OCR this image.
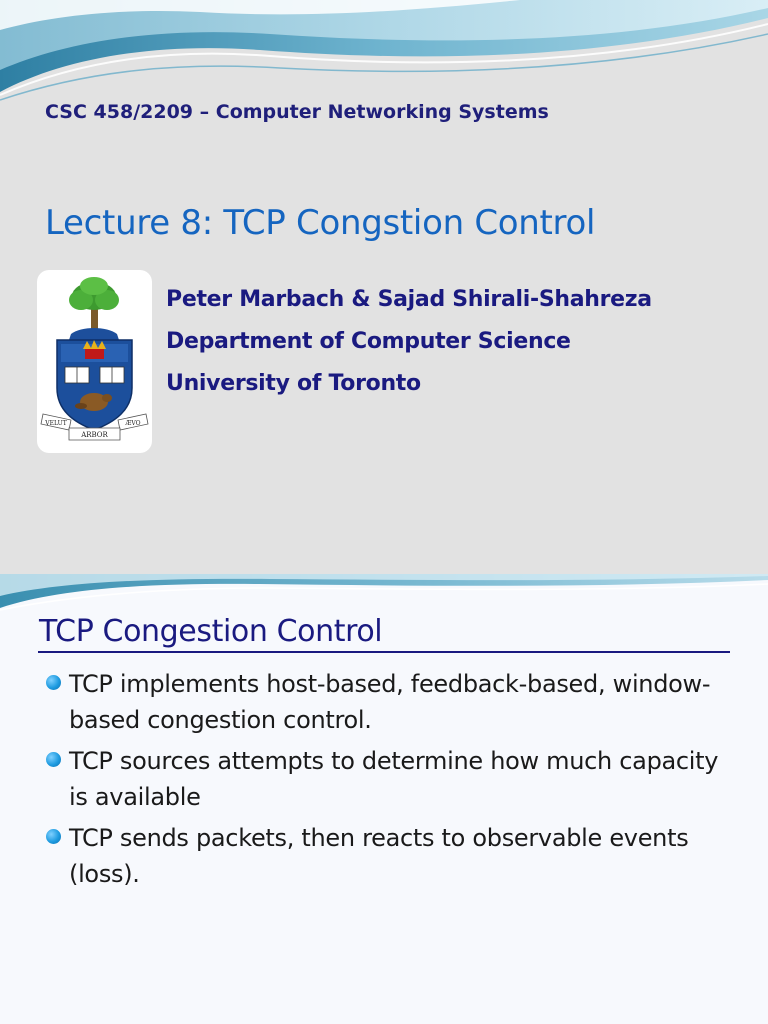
CSC 458/2209 – Computer Networking Systems
Lecture 8: TCP Congstion Control
VELUT
ARBOR
ÆVO
Peter Marbach & Sajad Shirali-Shahreza
Department of Computer Science
University of Toronto
TCP Congestion Control
TCP implements host-based, feedback-based, window-based congestion control.
TCP sources attempts to determine how much capacity is available
TCP sends packets, then reacts to observable events (loss).
